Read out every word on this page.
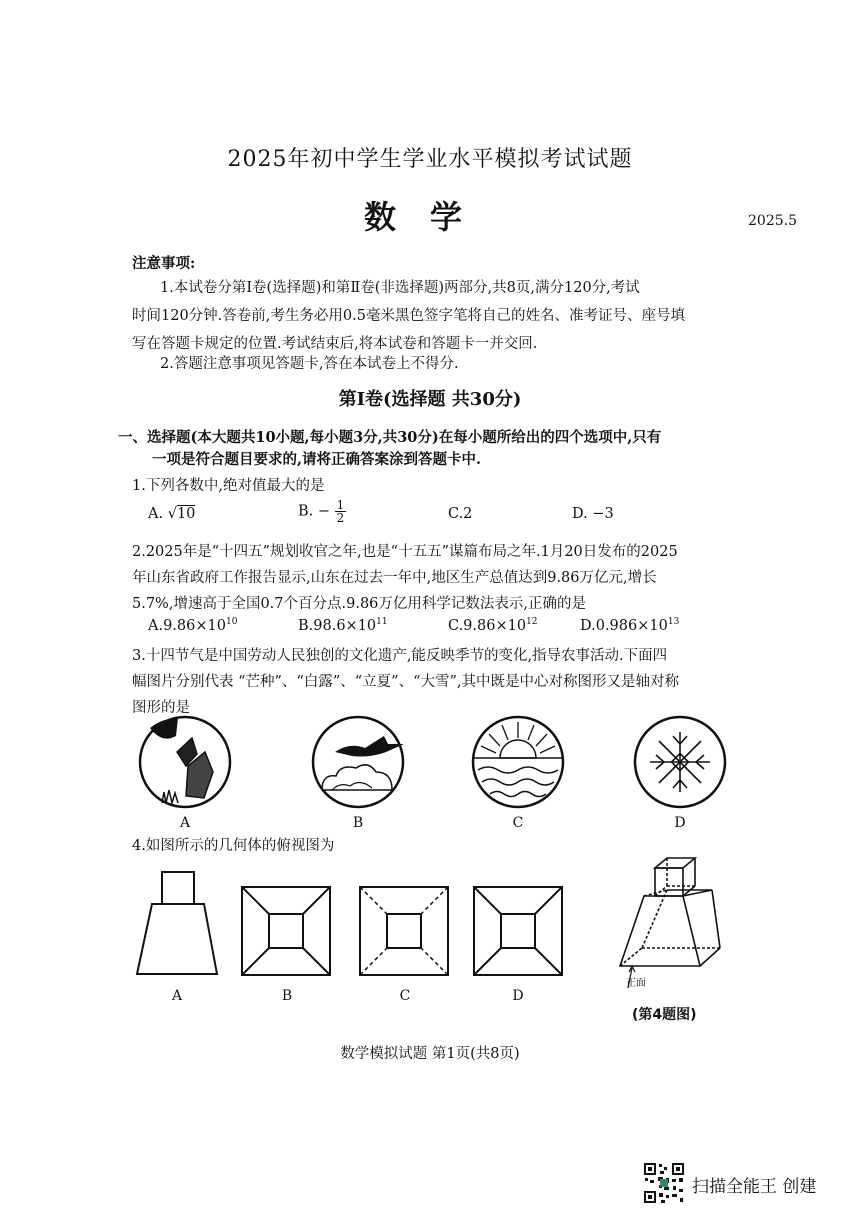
2025年初中学生学业水平模拟考试试题
数学	2025.5
注意事项:
1.本试卷分第Ⅰ卷(选择题)和第Ⅱ卷(非选择题)两部分,共8页,满分120分,考试
时间120分钟.答卷前,考生务必用0.5毫米黑色签字笔将自己的姓名、准考证号、座号填
写在答题卡规定的位置.考试结束后,将本试卷和答题卡一并交回.
2.答题注意事项见答题卡,答在本试卷上不得分.
第Ⅰ卷(选择题 共30分)
一、选择题(本大题共10小题,每小题3分,共30分)在每小题所给出的四个选项中,只有
一项是符合题目要求的,请将正确答案涂到答题卡中.
1.下列各数中,绝对值最大的是
A. √10	B. − $\frac{1}{2}$	C.2	D. −3
2.2025年是“十四五”规划收官之年,也是“十五五”谋篇布局之年.1月20日发布的2025
年山东省政府工作报告显示,山东在过去一年中,地区生产总值达到9.86万亿元,增长
5.7%,增速高于全国0.7个百分点.9.86万亿用科学记数法表示,正确的是
$A.9.86\times 10^{10}$	$B.98.6\times 10^{11}$	$C.9.86\times 10^{12}$	$D.0.986\times 10^{13}$
3.十四节气是中国劳动人民独创的文化遗产,能反映季节的变化,指导农事活动.下面四
幅图片分别代表 “芒种”、“白露”、“立夏”、“大雪”,其中既是中心对称图形又是轴对称
图形的是
A	B	C	D
4.如图所示的几何体的俯视图为
A	B	C	D
正面
(第4题图)
数学模拟试题 第1页(共8页)
扫描全能王 创建
